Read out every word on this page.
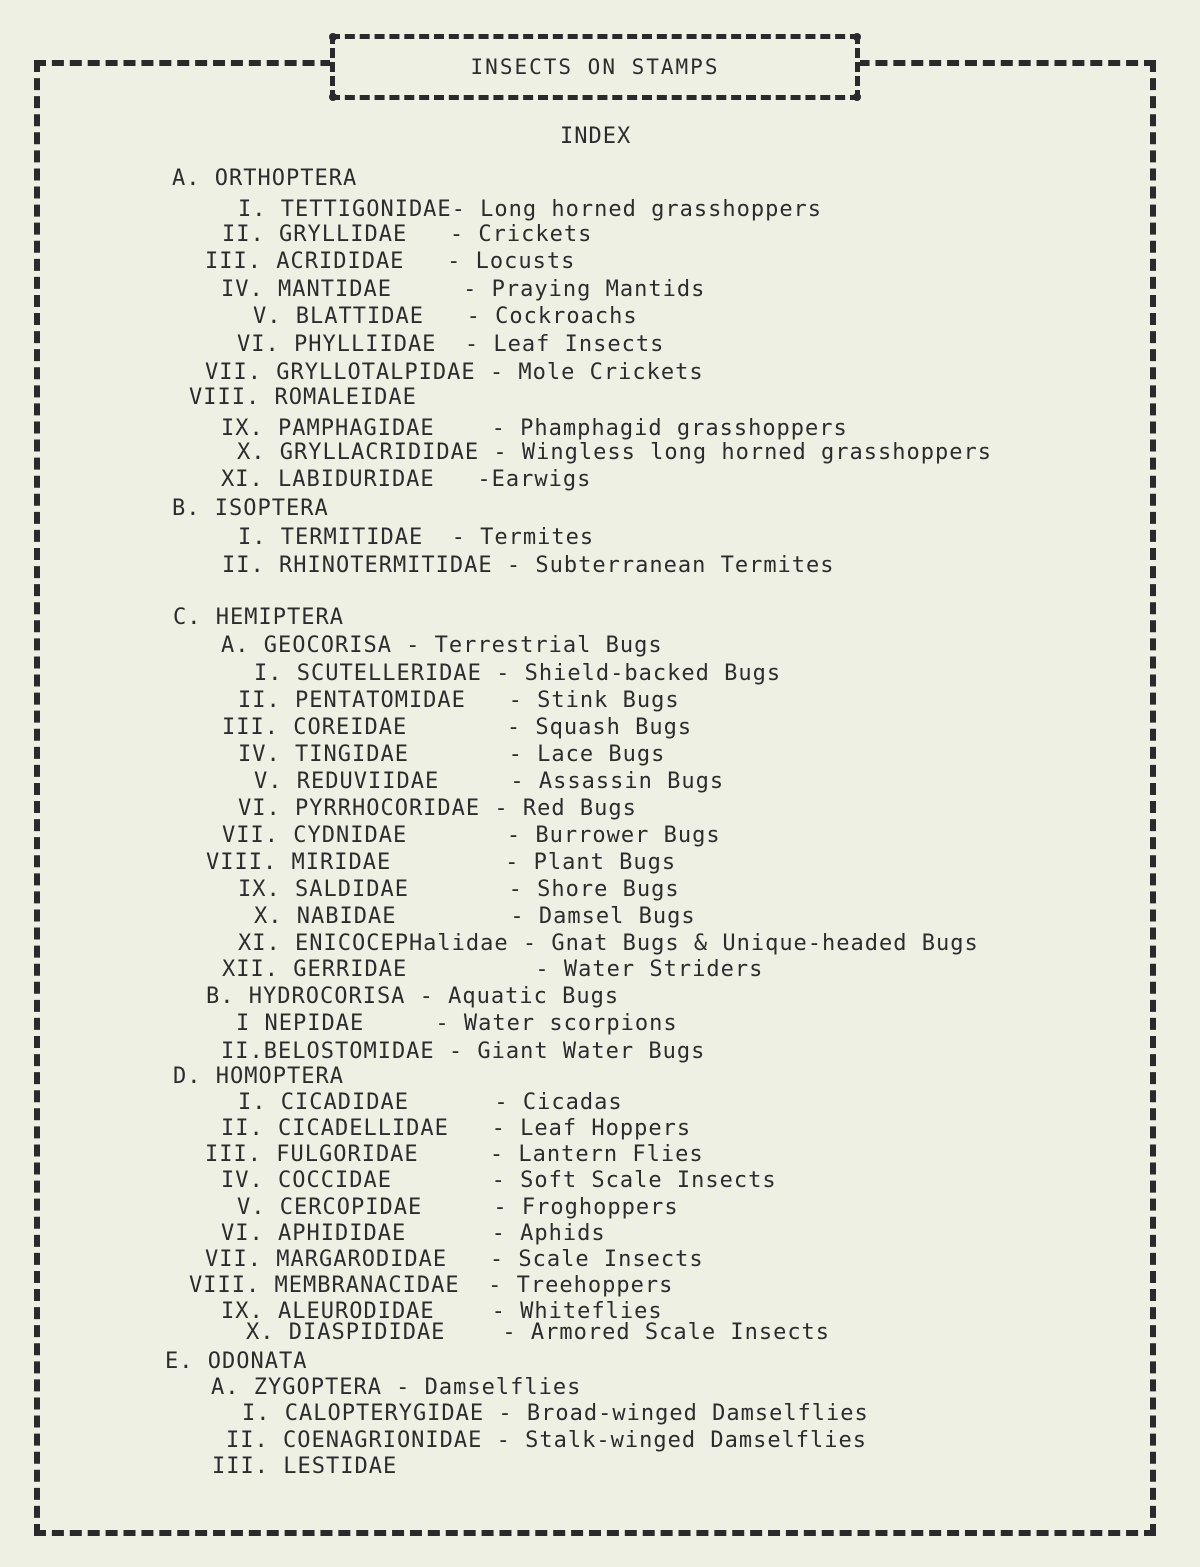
INSECTS ON STAMPS
INDEX
A. ORTHOPTERA
I. TETTIGONIDAE- Long horned grasshoppers
II. GRYLLIDAE   - Crickets
III. ACRIDIDAE   - Locusts
IV. MANTIDAE     - Praying Mantids
V. BLATTIDAE   - Cockroachs
VI. PHYLLIIDAE  - Leaf Insects
VII. GRYLLOTALPIDAE - Mole Crickets
VIII. ROMALEIDAE
IX. PAMPHAGIDAE    - Phamphagid grasshoppers
X. GRYLLACRIDIDAE - Wingless long horned grasshoppers
XI. LABIDURIDAE   -Earwigs
B. ISOPTERA
I. TERMITIDAE  - Termites
II. RHINOTERMITIDAE - Subterranean Termites
C. HEMIPTERA
A. GEOCORISA - Terrestrial Bugs
I. SCUTELLERIDAE - Shield-backed Bugs
II. PENTATOMIDAE   - Stink Bugs
III. COREIDAE       - Squash Bugs
IV. TINGIDAE       - Lace Bugs
V. REDUVIIDAE     - Assassin Bugs
VI. PYRRHOCORIDAE - Red Bugs
VII. CYDNIDAE       - Burrower Bugs
VIII. MIRIDAE        - Plant Bugs
IX. SALDIDAE       - Shore Bugs
X. NABIDAE        - Damsel Bugs
XI. ENICOCEPHalidae - Gnat Bugs & Unique-headed Bugs
XII. GERRIDAE         - Water Striders
B. HYDROCORISA - Aquatic Bugs
I NEPIDAE     - Water scorpions
II.BELOSTOMIDAE - Giant Water Bugs
D. HOMOPTERA
I. CICADIDAE      - Cicadas
II. CICADELLIDAE   - Leaf Hoppers
III. FULGORIDAE     - Lantern Flies
IV. COCCIDAE       - Soft Scale Insects
V. CERCOPIDAE     - Froghoppers
VI. APHIDIDAE      - Aphids
VII. MARGARODIDAE   - Scale Insects
VIII. MEMBRANACIDAE  - Treehoppers
IX. ALEURODIDAE    - Whiteflies
X. DIASPIDIDAE    - Armored Scale Insects
E. ODONATA
A. ZYGOPTERA - Damselflies
I. CALOPTERYGIDAE - Broad-winged Damselflies
II. COENAGRIONIDAE - Stalk-winged Damselflies
III. LESTIDAE
